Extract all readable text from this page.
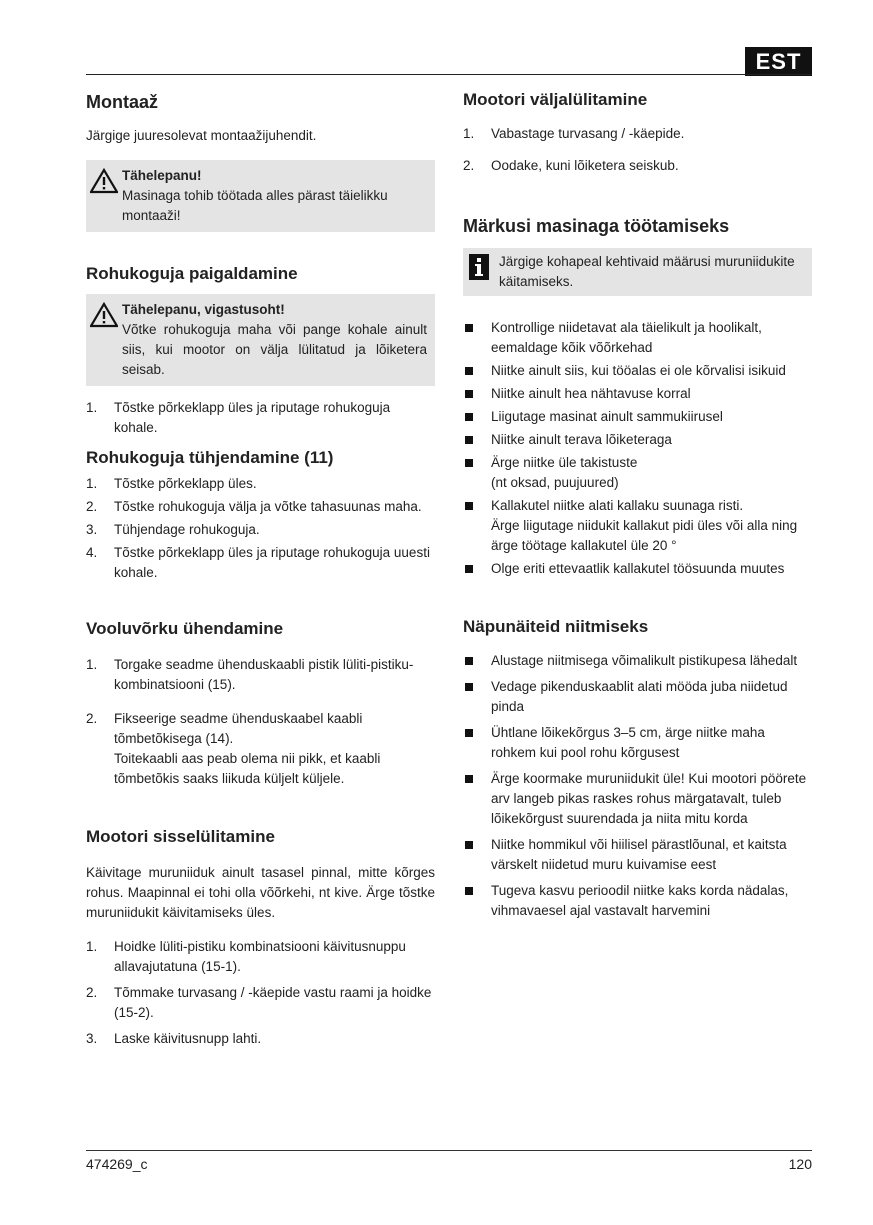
EST
Montaaž

Järgige juuresolevat montaažijuhendit.

Tähelepanu!
Masinaga tohib töötada alles pärast täielikku montaaži!
Rohukoguja paigaldamine
Tähelepanu, vigastusoht!
Võtke rohukoguja maha või pange kohale ainult siis, kui mootor on välja lülitatud ja lõiketera seisab.
1. Tõstke põrkeklapp üles ja riputage rohukoguja kohale.
Rohukoguja tühjendamine (11)
1. Tõstke põrkeklapp üles.
2. Tõstke rohukoguja välja ja võtke tahasuunas maha.
3. Tühjendage rohukoguja.
4. Tõstke põrkeklapp üles ja riputage rohukoguja uuesti kohale.
Vooluvõrku ühendamine
1. Torgake seadme ühenduskaabli pistik lüliti-pistiku-kombinatsiooni (15).
2. Fikseerige seadme ühenduskaabel kaabli tõmbetõkisega (14).
Toitekaabli aas peab olema nii pikk, et kaabli tõmbetõkis saaks liikuda küljelt küljele.
Mootori sisselülitamine

Käivitage muruniiduk ainult tasasel pinnal, mitte kõrges rohus. Maapinnal ei tohi olla võõrkehi, nt kive. Ärge tõstke muruniidukit käivitamiseks üles.

1. Hoidke lüliti-pistiku kombinatsiooni käivitusnuppu allavajutatuna (15-1).
2. Tõmmake turvasang / -käepide vastu raami ja hoidke (15-2).
3. Laske käivitusnupp lahti.
Mootori väljalülitamine
1. Vabastage turvasang / -käepide.
2. Oodake, kuni lõiketera seiskub.
Märkusi masinaga töötamiseks
Järgige kohapeal kehtivaid määrusi muruniidukite käitamiseks.
Kontrollige niidetavat ala täielikult ja hoolikalt, eemaldage kõik võõrkehad
Niitke ainult siis, kui tööalas ei ole kõrvalisi isikuid
Niitke ainult hea nähtavuse korral
Liigutage masinat ainult sammukiirusel
Niitke ainult terava lõiketeraga
Ärge niitke üle takistuste
(nt oksad, puujuured)
Kallakutel niitke alati kallaku suunaga risti.
Ärge liigutage niidukit kallakut pidi üles või alla ning ärge töötage kallakutel üle 20 °
Olge eriti ettevaatlik kallakutel töösuunda muutes
Näpunäiteid niitmiseks
Alustage niitmisega võimalikult pistikupesa lähedalt
Vedage pikenduskaablit alati mööda juba niidetud pinda
Ühtlane lõikekõrgus 3–5 cm, ärge niitke maha rohkem kui pool rohu kõrgusest
Ärge koormake muruniidukit üle! Kui mootori pöörete arv langeb pikas raskes rohus märgatavalt, tuleb lõikekõrgust suurendada ja niita mitu korda
Niitke hommikul või hiilisel pärastlõunal, et kaitsta värskelt niidetud muru kuivamise eest
Tugeva kasvu perioodil niitke kaks korda nädalas, vihmavaesel ajal vastavalt harvemini
474269_c	120
